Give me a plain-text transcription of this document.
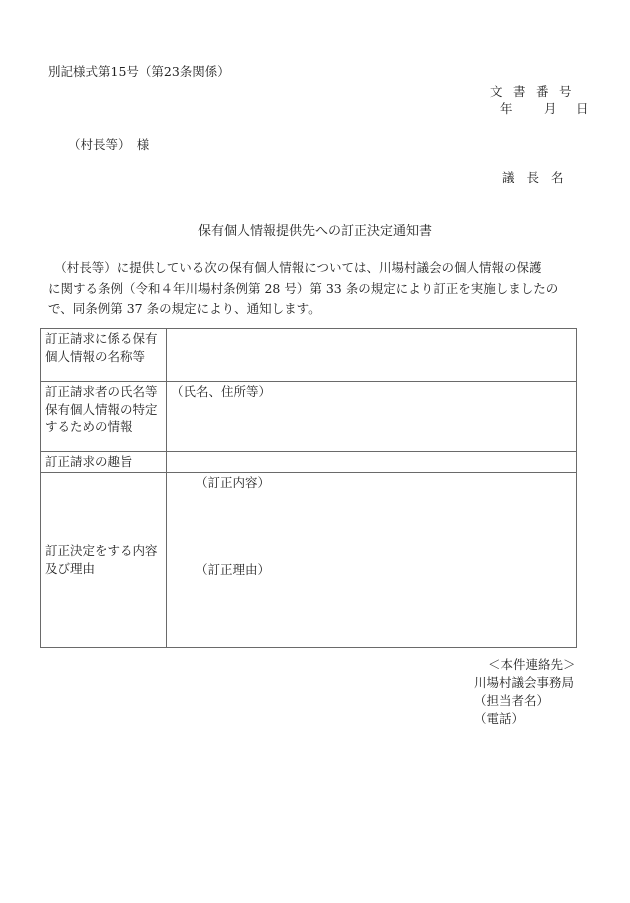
別記様式第15号（第23条関係）
文書番号
年	月 日
（村長等）　様
議長名
保有個人情報提供先への訂正決定通知書

　（村長等）に提供している次の保有個人情報については、川場村議会の個人情報の保護

に関する条例（令和４年川場村条例第 28 号）第 33 条の規定により訂正を実施しましたの

で、同条例第 37 条の規定により、通知します。

訂正請求に係る保有個人情報の名称等	
訂正請求者の氏名等保有個人情報の特定するための情報	（氏名、住所等）
訂正請求の趣旨	
訂正決定をする内容及び理由	（訂正内容）
（訂正理由）
＜本件連絡先＞
川場村議会事務局
（担当者名）
（電話）
